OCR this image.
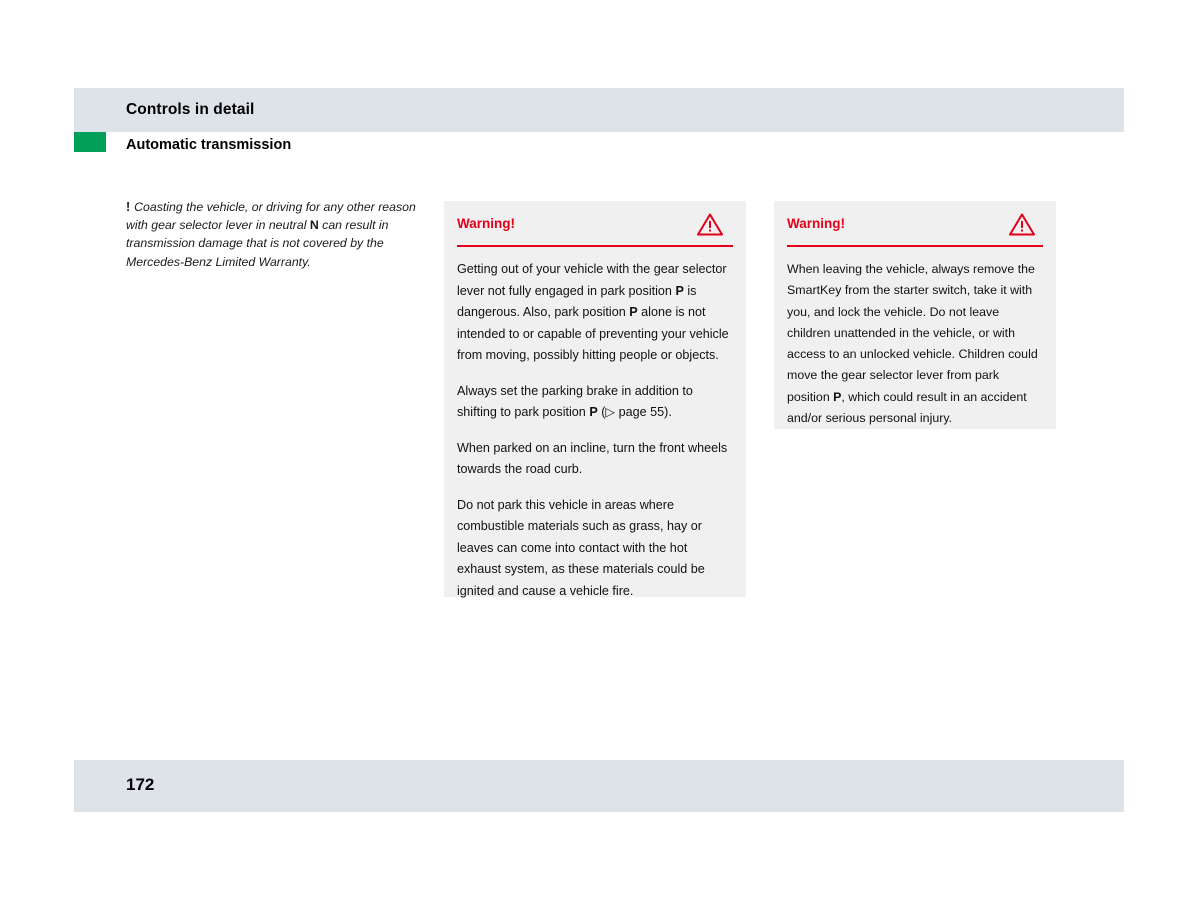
Controls in detail
Automatic transmission
! Coasting the vehicle, or driving for any other reason with gear selector lever in neutral N can result in transmission damage that is not covered by the Mercedes-Benz Limited Warranty.
Warning!

Getting out of your vehicle with the gear selector lever not fully engaged in park position P is dangerous. Also, park position P alone is not intended to or capable of preventing your vehicle from moving, possibly hitting people or objects.

Always set the parking brake in addition to shifting to park position P (▷ page 55).

When parked on an incline, turn the front wheels towards the road curb.

Do not park this vehicle in areas where combustible materials such as grass, hay or leaves can come into contact with the hot exhaust system, as these materials could be ignited and cause a vehicle fire.

Warning!

When leaving the vehicle, always remove the SmartKey from the starter switch, take it with you, and lock the vehicle. Do not leave children unattended in the vehicle, or with access to an unlocked vehicle. Children could move the gear selector lever from park position P, which could result in an accident and/or serious personal injury.

172
